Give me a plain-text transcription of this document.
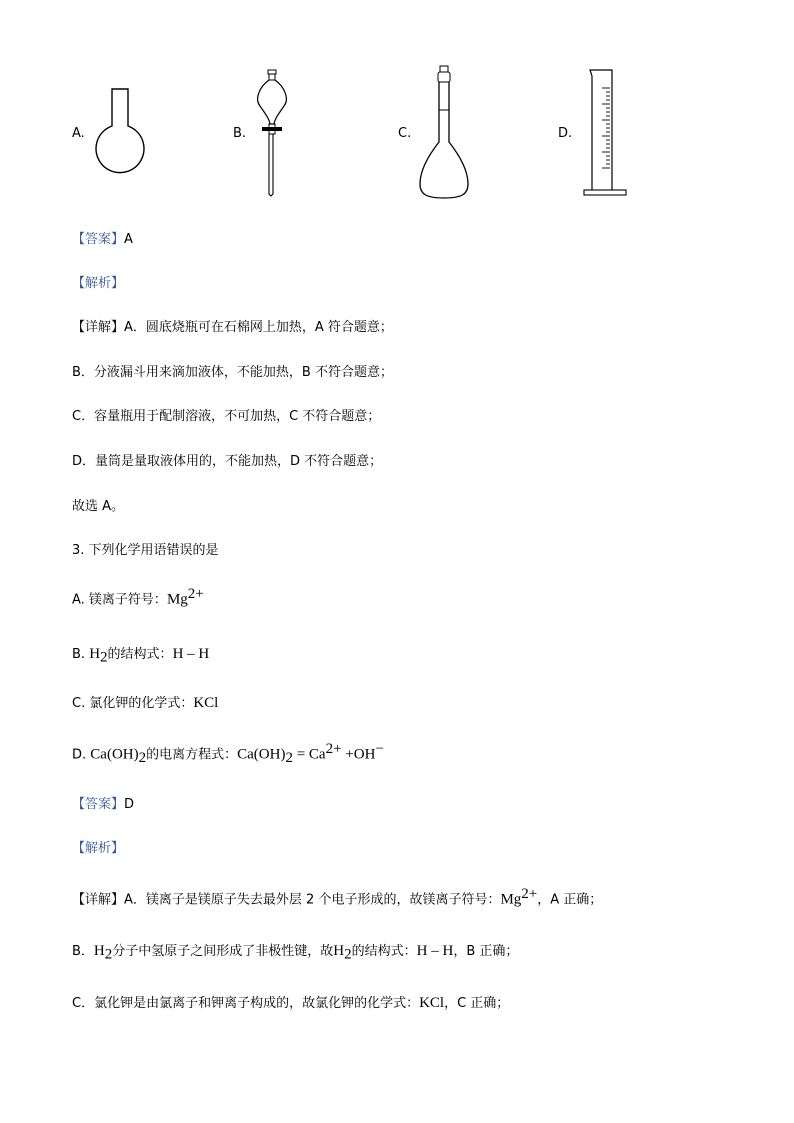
A.	B.	C.	D.
【答案】A
【解析】
【详解】A．圆底烧瓶可在石棉网上加热，A 符合题意；
B．分液漏斗用来滴加液体，不能加热，B 不符合题意；
C．容量瓶用于配制溶液，不可加热，C 不符合题意；
D．量筒是量取液体用的，不能加热，D 不符合题意；
故选 A。
3. 下列化学用语错误的是
A. 镁离子符号：$Mg^{2+}$
B. $H_2$的结构式：H – H
C. 氯化钾的化学式：KCl
D. $Ca(OH)_2$的电离方程式：$Ca(OH)_2 = Ca^{2+} +OH^-$
【答案】D
【解析】
【详解】A．镁离子是镁原子失去最外层 2 个电子形成的，故镁离子符号：$Mg^{2+}$，A 正确；
B．$H_2$分子中氢原子之间形成了非极性键，故$H_2$的结构式：H – H，B 正确；
C．氯化钾是由氯离子和钾离子构成的，故氯化钾的化学式：KCl，C 正确；
